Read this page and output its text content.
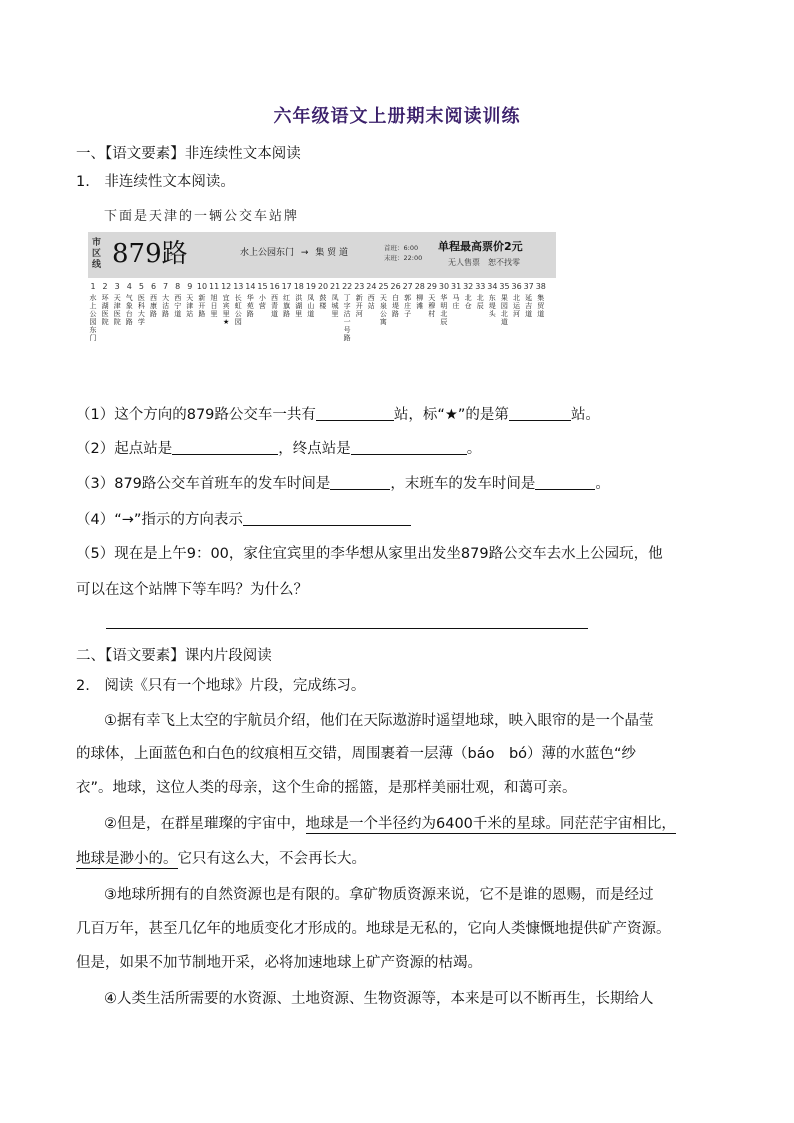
六年级语文上册期末阅读训练
一、【语文要素】非连续性文本阅读
1.　非连续性文本阅读。
下面是天津的一辆公交车站牌
市区线 879路	水上公园东门 → 集 贸 道	首班：6:00
末班：22:00
单程最高票价2元
无人售票　恕不找零
1
水上公园东门
2
环湖医院
3
天津医院
4
气象台路
5
医科大学
6
西康路
7
大沽路
8
西宁道
9
天津站
10
新开路
11
旭日里
12
宜宾里
★
13
长虹公园
14
华苑路
15
小营
16
西青道
17
红旗路
18
洪湖里
19
凤山道
20
鼓楼
21
凤城里
22
丁字沽一号路
23
新开河
24
西站
25
天泉公寓
26
白堤路
27
郭庄子
28
柳滩
29
天穆村
30
华明北辰
31
马庄
32
北仓
33
北辰
34
东堤头
35
果园北道
36
北运河
37
延吉道
38
集贸道
（1）这个方向的879路公交车一共有	站，标“★”的是第	站。
（2）起点站是	，终点站是	。
（3）879路公交车首班车的发车时间是	，末班车的发车时间是	。
（4）“→”指示的方向表示
（5）现在是上午9：00，家住宜宾里的李华想从家里出发坐879路公交车去水上公园玩，他
可以在这个站牌下等车吗？为什么？
二、【语文要素】课内片段阅读
2.　阅读《只有一个地球》片段，完成练习。
①据有幸飞上太空的宇航员介绍，他们在天际遨游时遥望地球，映入眼帘的是一个晶莹
的球体，上面蓝色和白色的纹痕相互交错，周围裹着一层薄（báo　bó）薄的水蓝色“纱
衣”。地球，这位人类的母亲，这个生命的摇篮，是那样美丽壮观，和蔼可亲。
②但是，在群星璀璨的宇宙中，地球是一个半径约为6400千米的星球。同茫茫宇宙相比，
地球是渺小的。它只有这么大，不会再长大。
③地球所拥有的自然资源也是有限的。拿矿物质资源来说，它不是谁的恩赐，而是经过
几百万年，甚至几亿年的地质变化才形成的。地球是无私的，它向人类慷慨地提供矿产资源。
但是，如果不加节制地开采，必将加速地球上矿产资源的枯竭。
④人类生活所需要的水资源、土地资源、生物资源等，本来是可以不断再生，长期给人
